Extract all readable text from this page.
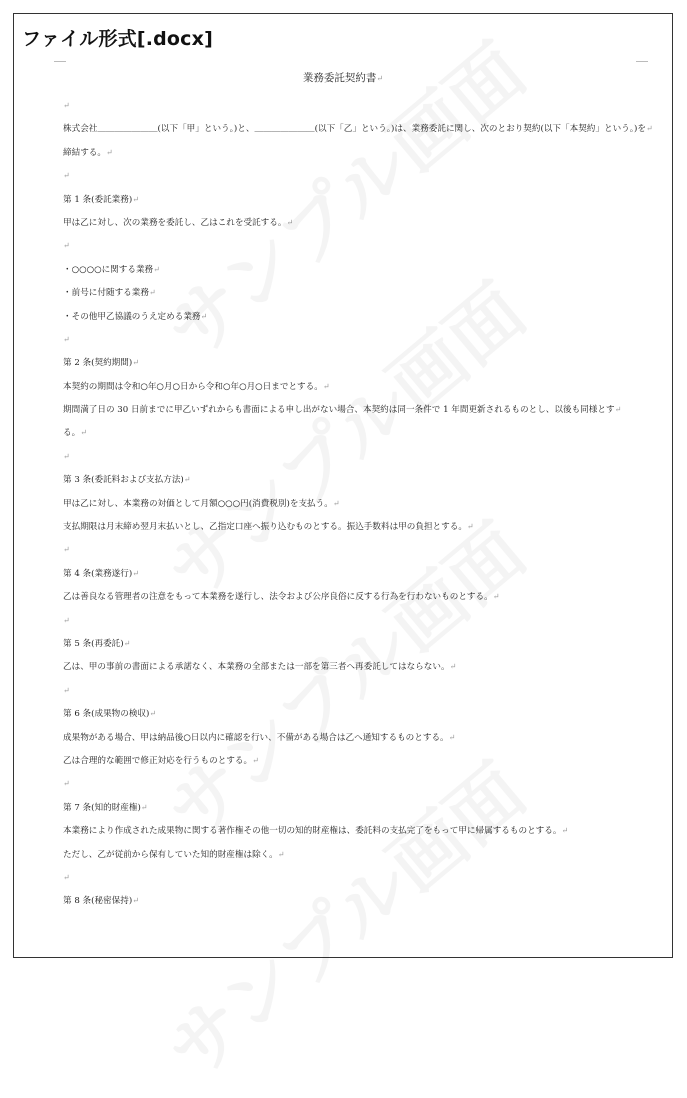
ファイル形式[.docx]
業務委託契約書↵
↵
株式会社＿＿＿＿＿＿＿(以下「甲」という。)と、＿＿＿＿＿＿＿(以下「乙」という。)は、業務委託に関し、次のとおり契約(以下「本契約」という。)を↵
締結する。↵
↵
第 1 条(委託業務)↵
甲は乙に対し、次の業務を委託し、乙はこれを受託する。↵
↵
・○○○○に関する業務↵
・前号に付随する業務↵
・その他甲乙協議のうえ定める業務↵
↵
第 2 条(契約期間)↵
本契約の期間は令和○年○月○日から令和○年○月○日までとする。↵
期間満了日の 30 日前までに甲乙いずれからも書面による申し出がない場合、本契約は同一条件で 1 年間更新されるものとし、以後も同様とす↵
る。↵
↵
第 3 条(委託料および支払方法)↵
甲は乙に対し、本業務の対価として月額○○○円(消費税別)を支払う。↵
支払期限は月末締め翌月末払いとし、乙指定口座へ振り込むものとする。振込手数料は甲の負担とする。↵
↵
第 4 条(業務遂行)↵
乙は善良なる管理者の注意をもって本業務を遂行し、法令および公序良俗に反する行為を行わないものとする。↵
↵
第 5 条(再委託)↵
乙は、甲の事前の書面による承諾なく、本業務の全部または一部を第三者へ再委託してはならない。↵
↵
第 6 条(成果物の検収)↵
成果物がある場合、甲は納品後○日以内に確認を行い、不備がある場合は乙へ通知するものとする。↵
乙は合理的な範囲で修正対応を行うものとする。↵
↵
第 7 条(知的財産権)↵
本業務により作成された成果物に関する著作権その他一切の知的財産権は、委託料の支払完了をもって甲に帰属するものとする。↵
ただし、乙が従前から保有していた知的財産権は除く。↵
↵
第 8 条(秘密保持)↵
